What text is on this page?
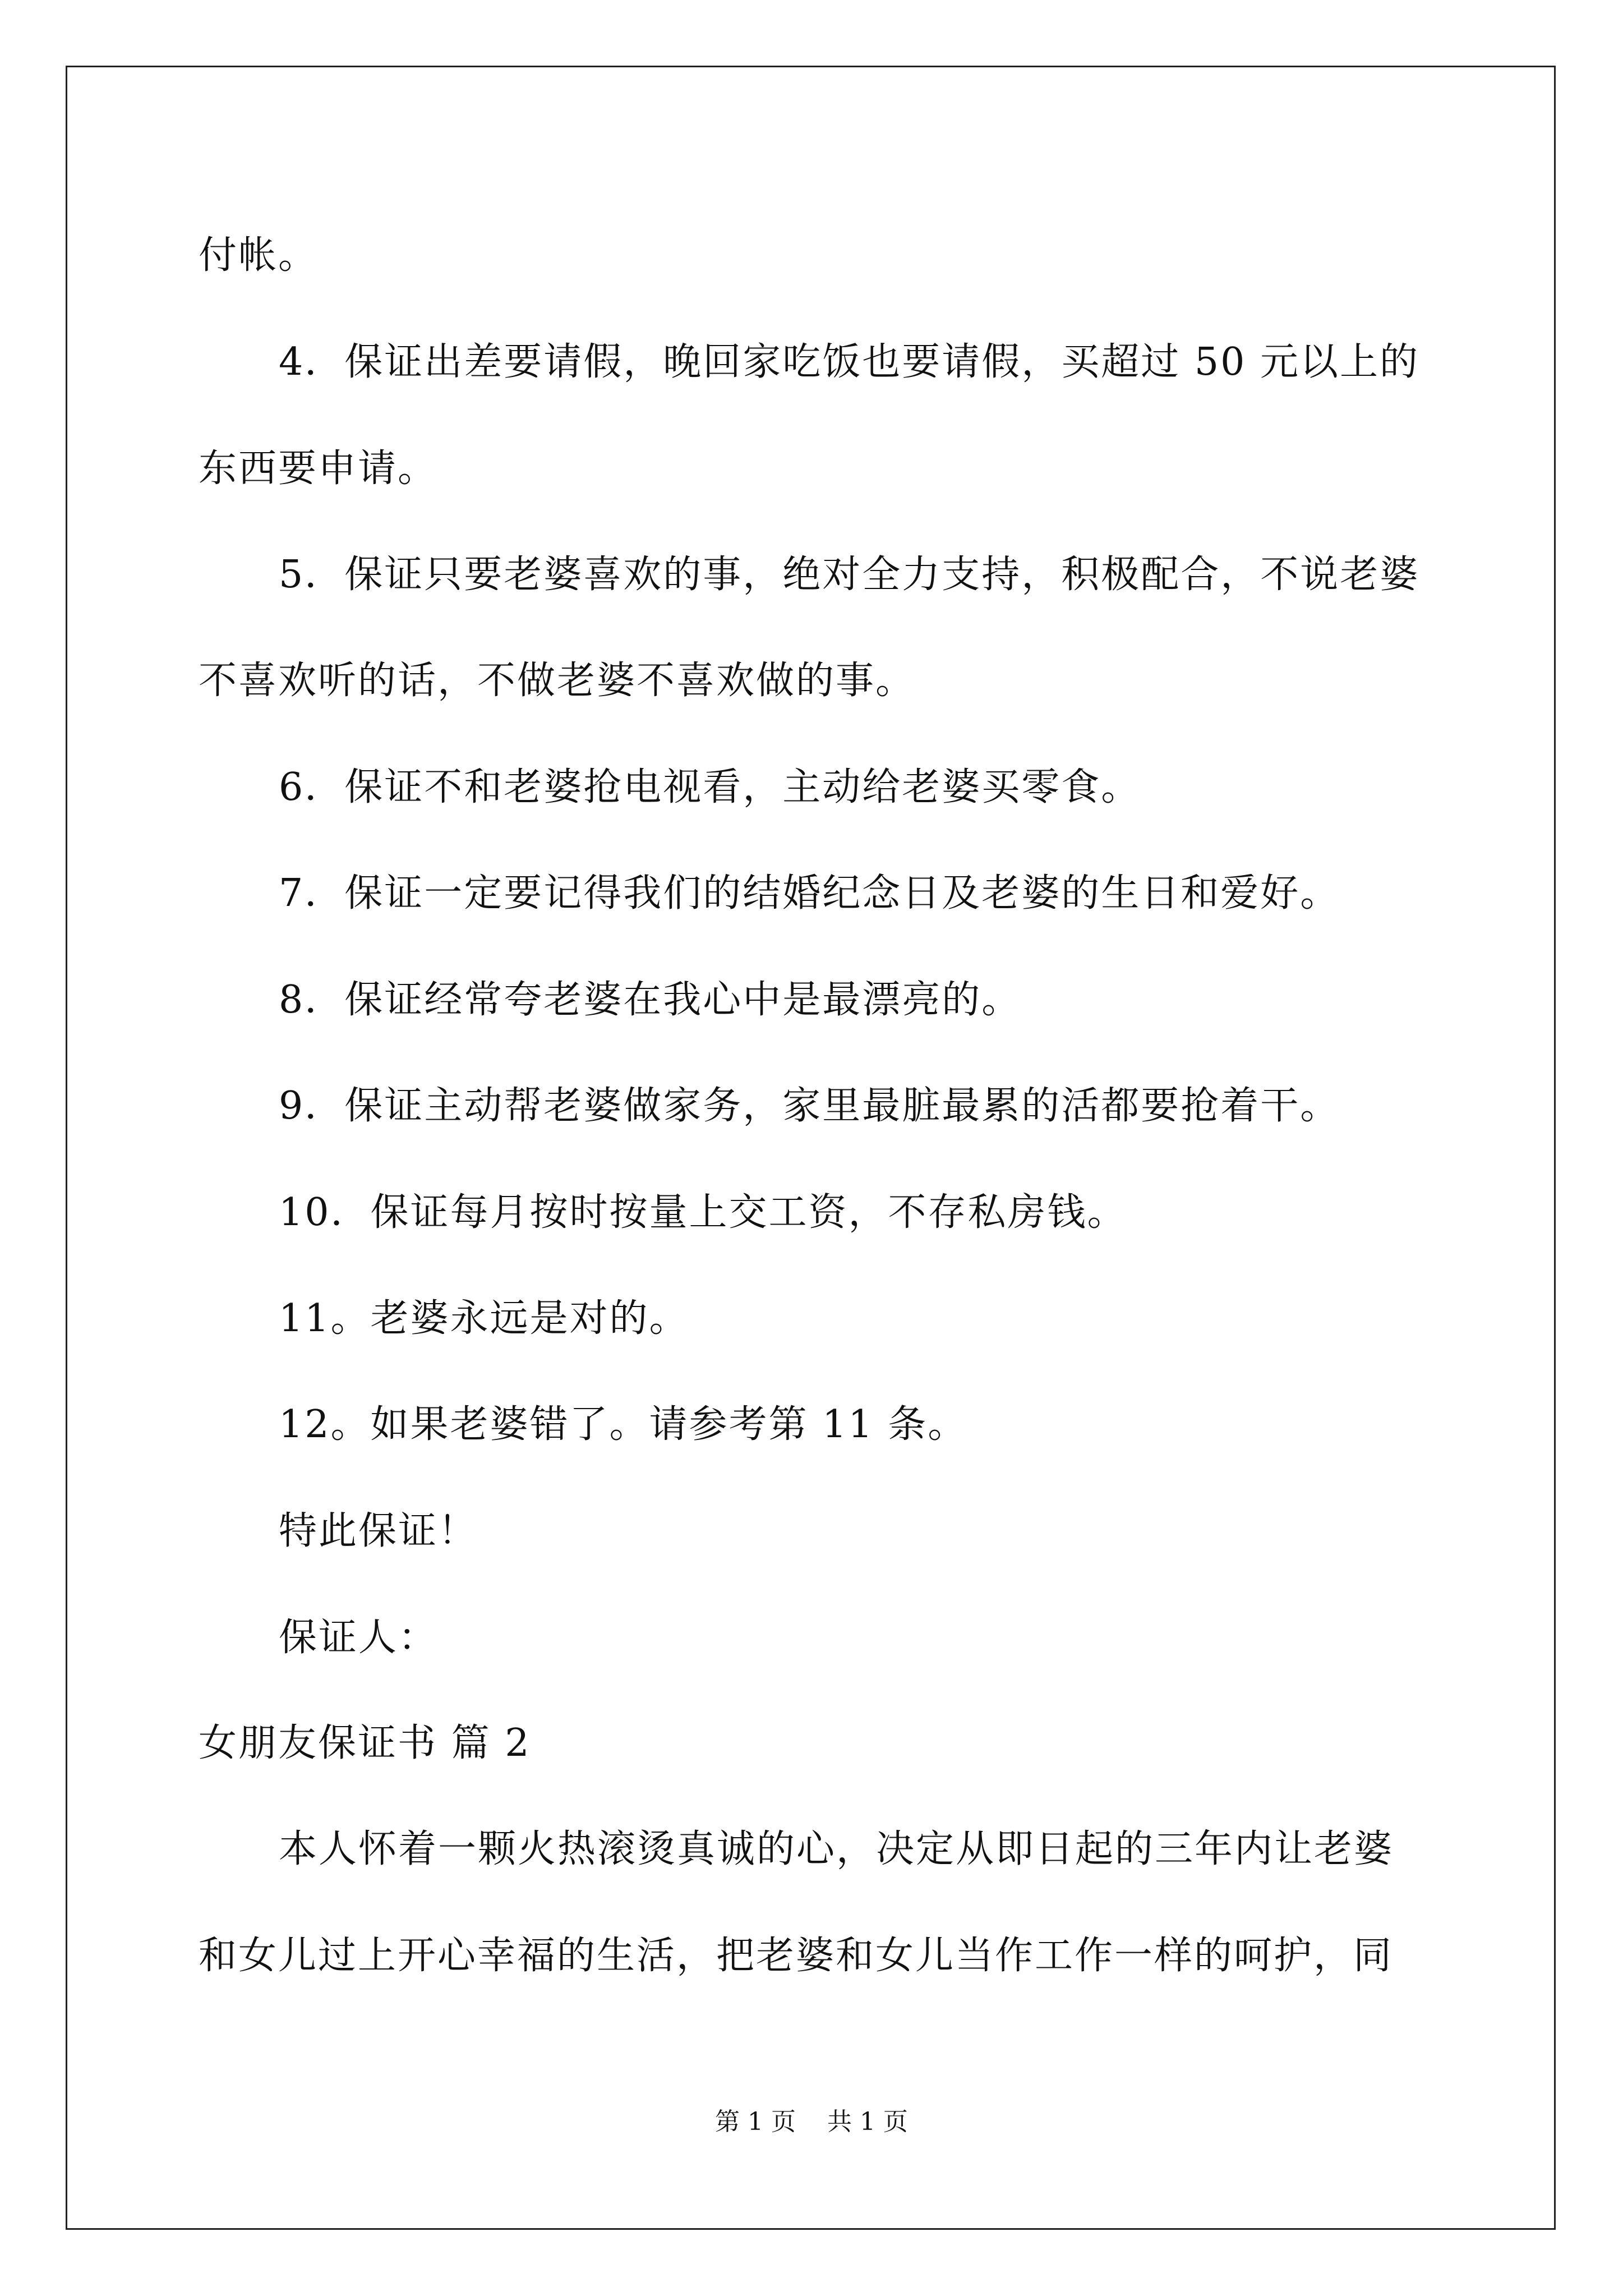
付帐。
4．保证出差要请假，晚回家吃饭也要请假，买超过 50 元以上的
东西要申请。
5．保证只要老婆喜欢的事，绝对全力支持，积极配合，不说老婆
不喜欢听的话，不做老婆不喜欢做的事。
6．保证不和老婆抢电视看，主动给老婆买零食。
7．保证一定要记得我们的结婚纪念日及老婆的生日和爱好。
8．保证经常夸老婆在我心中是最漂亮的。
9．保证主动帮老婆做家务，家里最脏最累的活都要抢着干。
10．保证每月按时按量上交工资，不存私房钱。
11。老婆永远是对的。
12。如果老婆错了。请参考第 11 条。
特此保证！
保证人：
女朋友保证书 篇 2
本人怀着一颗火热滚烫真诚的心，决定从即日起的三年内让老婆
和女儿过上开心幸福的生活，把老婆和女儿当作工作一样的呵护，同
第 1 页    共 1 页
